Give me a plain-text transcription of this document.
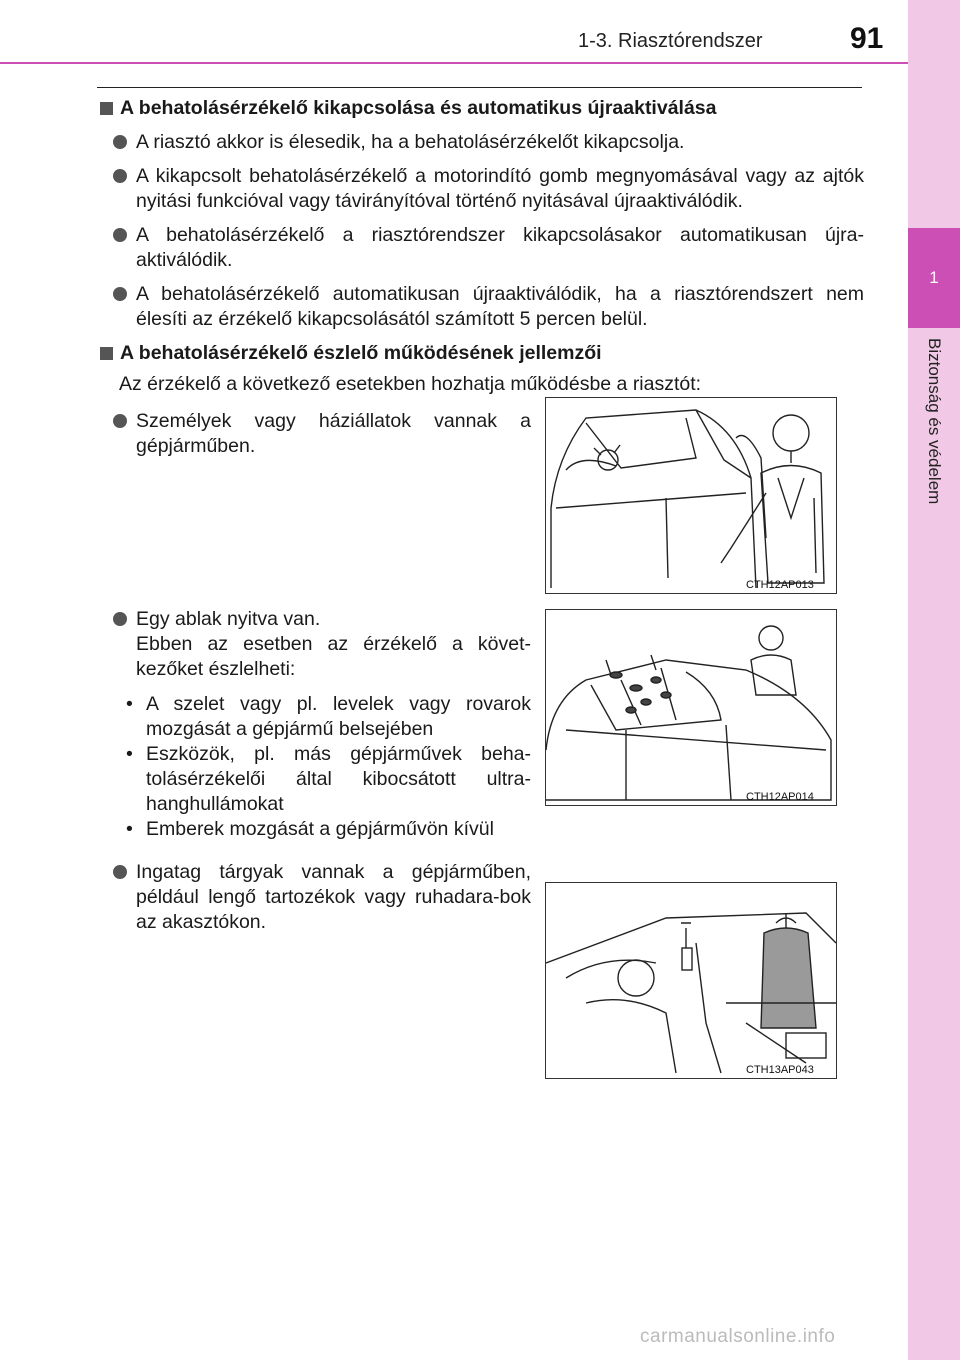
1
Biztonság és védelem
1-3. Riasztórendszer	91

A behatolásérzékelő kikapcsolása és automatikus újraaktiválása

A riasztó akkor is élesedik, ha a behatolásérzékelőt kikapcsolja.
A kikapcsolt behatolásérzékelő a motorindító gomb megnyomásával vagy az ajtók nyitási funkcióval vagy távirányítóval történő nyitásával újraaktiválódik.
A behatolásérzékelő a riasztórendszer kikapcsolásakor automatikusan újra-aktiválódik.
A behatolásérzékelő automatikusan újraaktiválódik, ha a riasztórendszert nem élesíti az érzékelő kikapcsolásától számított 5 percen belül.

A behatolásérzékelő észlelő működésének jellemzői

Az érzékelő a következő esetekben hozhatja működésbe a riasztót:
Személyek vagy háziállatok vannak a gépjárműben.
Egy ablak nyitva van.
Ebben az esetben az érzékelő a követ-kezőket észlelheti:
• A szelet vagy pl. levelek vagy rovarok mozgását a gépjármű belsejében
• Eszközök, pl. más gépjárművek beha-tolásérzékelői által kibocsátott ultra-hanghullámokat
• Emberek mozgását a gépjárművön kívül
Ingatag tárgyak vannak a gépjárműben, például lengő tartozékok vagy ruhadara-bok az akasztókon.
CTH12AP013
CTH12AP014
CTH13AP043
carmanualsonline.info
